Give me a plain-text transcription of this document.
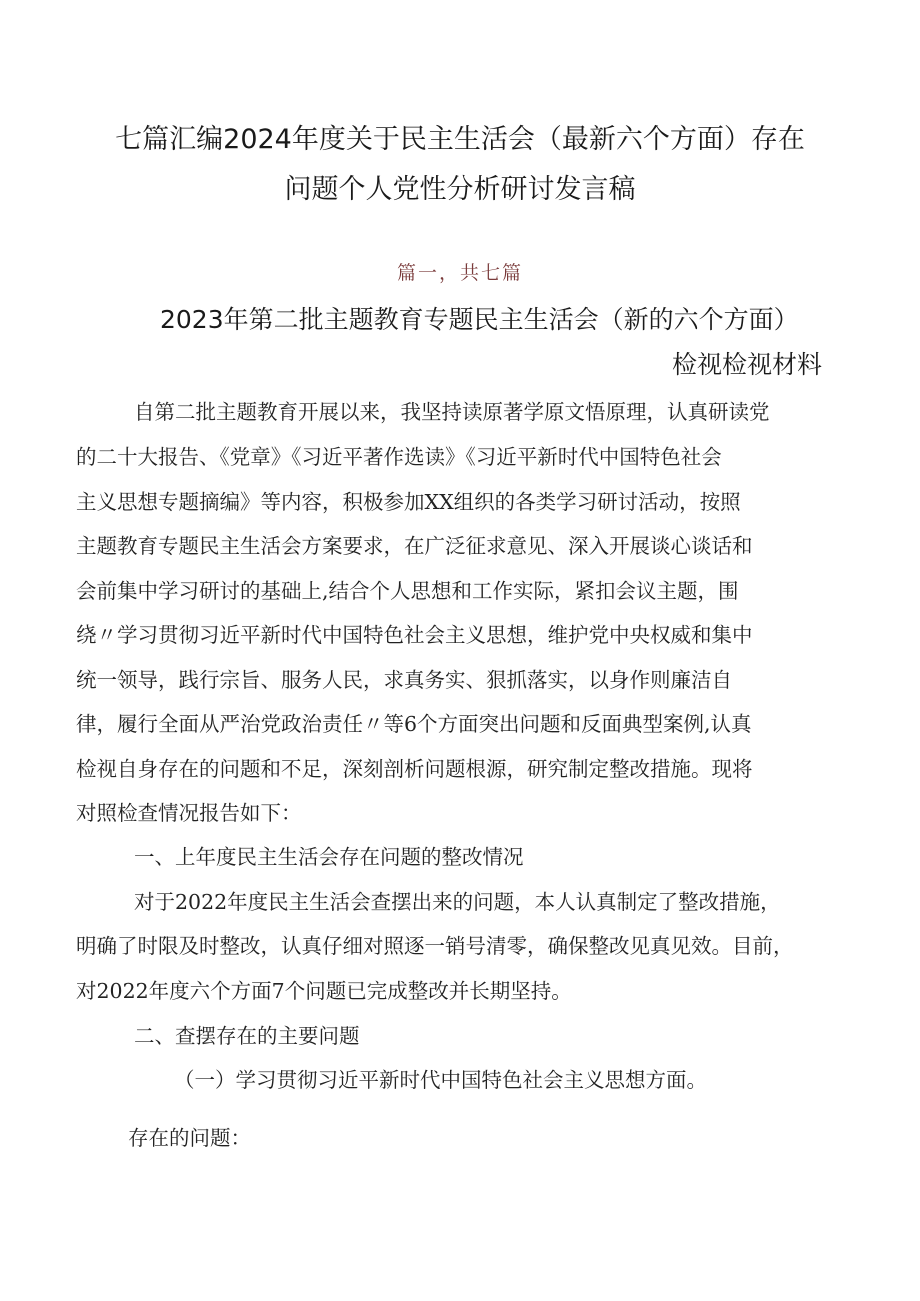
七篇汇编2024年度关于民主生活会（最新六个方面）存在
问题个人党性分析研讨发言稿
篇一，共七篇
2023年第二批主题教育专题民主生活会（新的六个方面）
检视检视材料
自第二批主题教育开展以来，我坚持读原著学原文悟原理，认真研读党
的二十大报告、《党章》《习近平著作选读》《习近平新时代中国特色社会
主义思想专题摘编》等内容，积极参加XX组织的各类学习研讨活动，按照
主题教育专题民主生活会方案要求，在广泛征求意见、深入开展谈心谈话和
会前集中学习研讨的基础上,结合个人思想和工作实际，紧扣会议主题，围
绕〃学习贯彻习近平新时代中国特色社会主义思想，维护党中央权威和集中
统一领导，践行宗旨、服务人民，求真务实、狠抓落实，以身作则廉洁自
律，履行全面从严治党政治责任〃等6个方面突出问题和反面典型案例,认真
检视自身存在的问题和不足，深刻剖析问题根源，研究制定整改措施。现将
对照检查情况报告如下：
一、上年度民主生活会存在问题的整改情况
对于2022年度民主生活会查摆出来的问题，本人认真制定了整改措施，
明确了时限及时整改，认真仔细对照逐一销号清零，确保整改见真见效。目前，
对2022年度六个方面7个问题已完成整改并长期坚持。
二、查摆存在的主要问题
（一）学习贯彻习近平新时代中国特色社会主义思想方面。
存在的问题：
